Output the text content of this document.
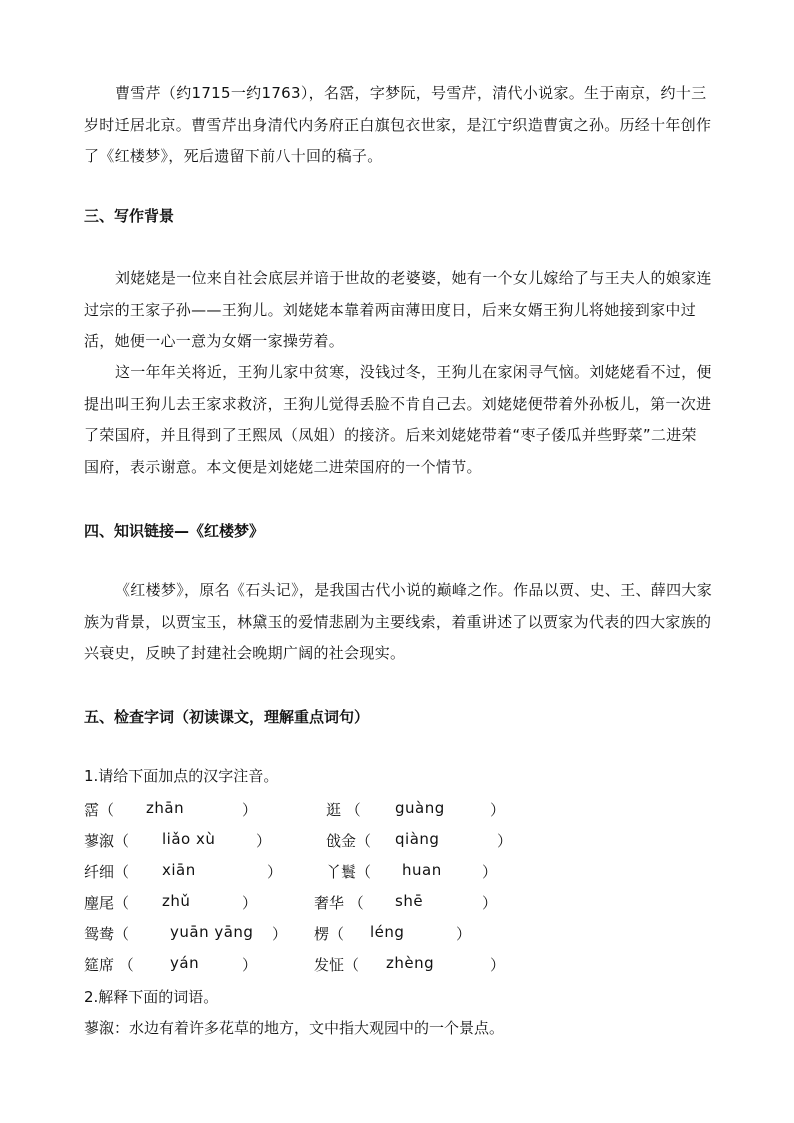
曹雪芹（约1715一约1763），名霑，字梦阮，号雪芹，清代小说家。生于南京，约十三岁时迁居北京。曹雪芹出身清代内务府正白旗包衣世家，是江宁织造曹寅之孙。历经十年创作了《红楼梦》，死后遗留下前八十回的稿子。

三、写作背景

刘姥姥是一位来自社会底层并谙于世故的老婆婆，她有一个女儿嫁给了与王夫人的娘家连过宗的王家子孙——王狗儿。刘姥姥本靠着两亩薄田度日，后来女婿王狗儿将她接到家中过活，她便一心一意为女婿一家操劳着。

这一年年关将近，王狗儿家中贫寒，没钱过冬，王狗儿在家闲寻气恼。刘姥姥看不过，便提出叫王狗儿去王家求救济，王狗儿觉得丢脸不肯自己去。刘姥姥便带着外孙板儿，第一次进了荣国府，并且得到了王熙凤（凤姐）的接济。后来刘姥姥带着“枣子倭瓜并些野菜”二进荣国府，表示谢意。本文便是刘姥姥二进荣国府的一个情节。

四、知识链接—《红楼梦》

《红楼梦》，原名《石头记》，是我国古代小说的巅峰之作。作品以贾、史、王、薛四大家族为背景，以贾宝玉，林黛玉的爱情悲剧为主要线索，着重讲述了以贾家为代表的四大家族的兴衰史，反映了封建社会晚期广阔的社会现实。

五、检查字词（初读课文，理解重点词句）

1.请给下面加点的汉字注音。

霑（ zhān	）	逛 （ guàng	）
蓼溆（ liǎo xù	）	戗金（ qiàng	）
纤细（ xiān	）	丫鬟（ huan	）
麈尾（ zhǔ	）	奢华 （ shē	）
鸳鸯（	yuān yāng ） 楞（ léng	）
筵席 （ yán	）	发怔（ zhèng	）

2.解释下面的词语。

蓼溆：水边有着许多花草的地方，文中指大观园中的一个景点。
